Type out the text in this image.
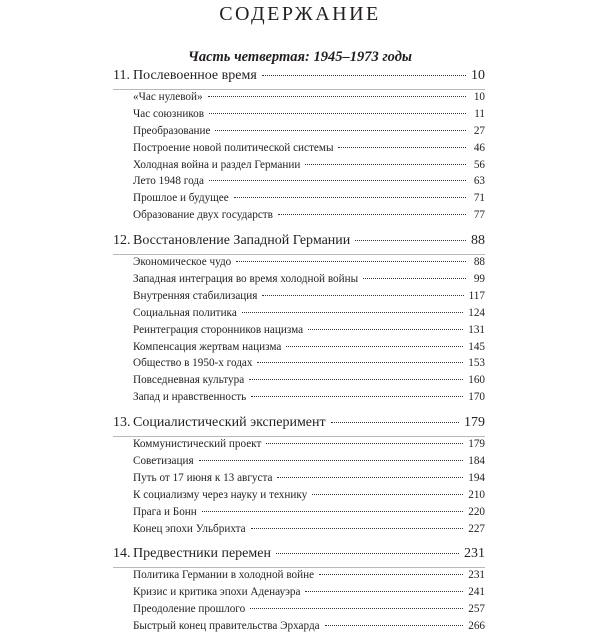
СОДЕРЖАНИЕ
Часть четвертая: 1945–1973 годы
11. Послевоенное время	10
«Час нулевой»	10
Час союзников	11
Преобразование	27
Построение новой политической системы	46
Холодная война и раздел Германии	56
Лето 1948 года	63
Прошлое и будущее	71
Образование двух государств	77
12. Восстановление Западной Германии	88
Экономическое чудо	88
Западная интеграция во время холодной войны	99
Внутренняя стабилизация	117
Социальная политика	124
Реинтеграция сторонников нацизма	131
Компенсация жертвам нацизма	145
Общество в 1950-х годах	153
Повседневная культура	160
Запад и нравственность	170
13. Социалистический эксперимент	179
Коммунистический проект	179
Советизация	184
Путь от 17 июня к 13 августа	194
К социализму через науку и технику	210
Прага и Бонн	220
Конец эпохи Ульбрихта	227
14. Предвестники перемен	231
Политика Германии в холодной войне	231
Кризис и критика эпохи Аденауэра	241
Преодоление прошлого	257
Быстрый конец правительства Эрхарда	266
